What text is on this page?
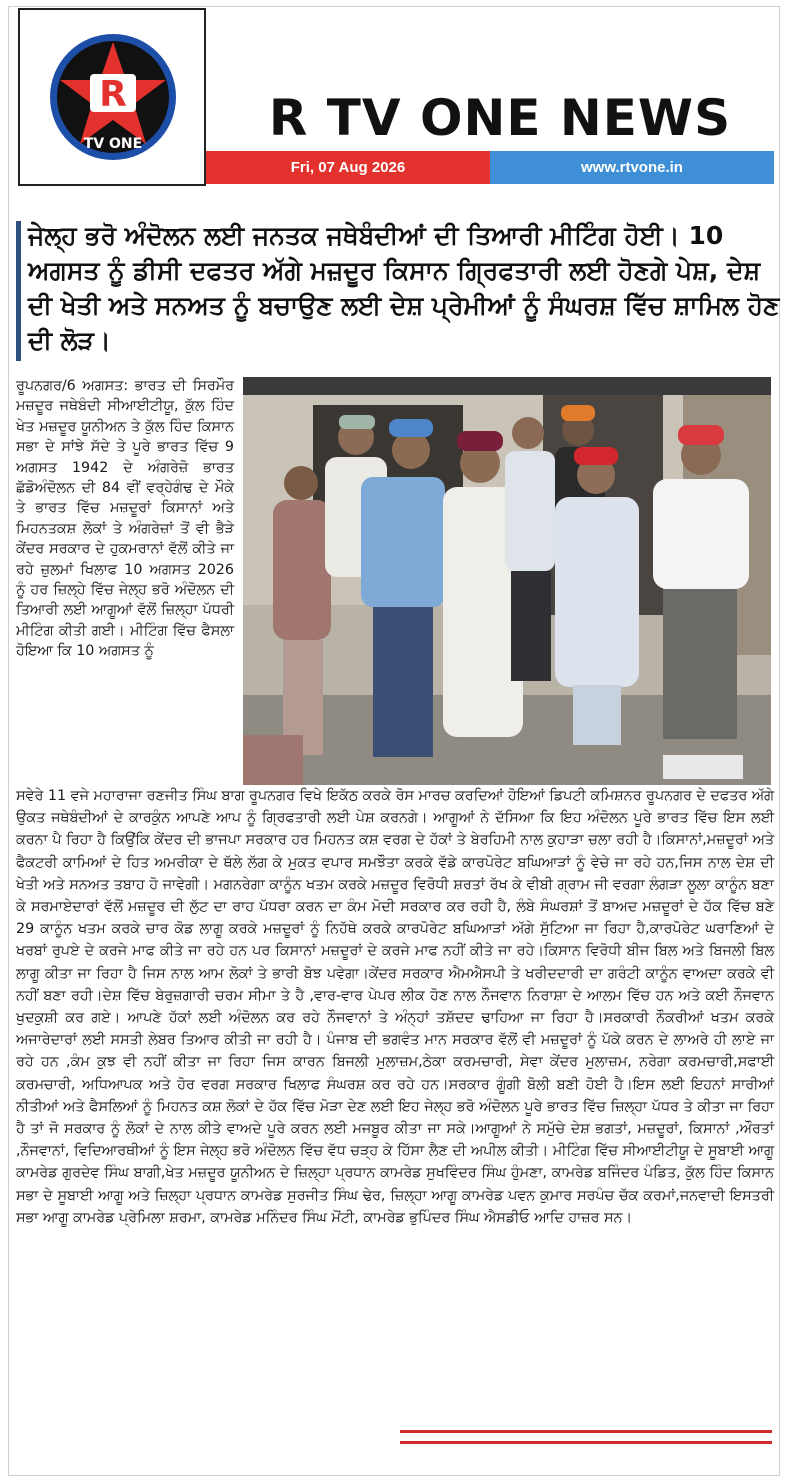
R
TV ONE	R TV ONE NEWS
Fri, 07 Aug 2026	www.rtvone.in
ਜੇਲ੍ਹ ਭਰੋ ਅੰਦੋਲਨ ਲਈ ਜਨਤਕ ਜਥੇਬੰਦੀਆਂ ਦੀ ਤਿਆਰੀ ਮੀਟਿੰਗ ਹੋਈ। 10 ਅਗਸਤ ਨੂੰ ਡੀਸੀ ਦਫਤਰ ਅੱਗੇ ਮਜ਼ਦੂਰ ਕਿਸਾਨ ਗ੍ਰਿਫਤਾਰੀ ਲਈ ਹੋਣਗੇ ਪੇਸ਼, ਦੇਸ਼ ਦੀ ਖੇਤੀ ਅਤੇ ਸਨਅਤ ਨੂੰ ਬਚਾਉਣ ਲਈ ਦੇਸ਼ ਪ੍ਰੇਮੀਆਂ ਨੂੰ ਸੰਘਰਸ਼ ਵਿੱਚ ਸ਼ਾਮਿਲ ਹੋਣ ਦੀ ਲੋੜ।

ਰੂਪਨਗਰ/6 ਅਗਸਤ: ਭਾਰਤ ਦੀ ਸਿਰਮੌਰ ਮਜ਼ਦੂਰ ਜਥੇਬੰਦੀ ਸੀਆਈਟੀਯੂ, ਕੁੱਲ ਹਿੰਦ ਖੇਤ ਮਜ਼ਦੂਰ ਯੂਨੀਅਨ ਤੇ ਕੁੱਲ ਹਿੰਦ ਕਿਸਾਨ ਸਭਾ ਦੇ ਸਾਂਝੇ ਸੱਦੇ ਤੇ ਪੂਰੇ ਭਾਰਤ ਵਿੱਚ 9 ਅਗਸਤ 1942 ਦੇ ਅੰਗਰੇਜ਼ੋ ਭਾਰਤ ਛੱਡੋਅੰਦੋਲਨ ਦੀ 84 ਵੀਂ ਵਰ੍ਹੇਗੰਢ ਦੇ ਮੌਕੇ ਤੇ ਭਾਰਤ ਵਿੱਚ ਮਜ਼ਦੂਰਾਂ ਕਿਸਾਨਾਂ ਅਤੇ ਮਿਹਨਤਕਸ਼ ਲੋਕਾਂ ਤੇ ਅੰਗਰੇਜ਼ਾਂ ਤੋਂ ਵੀ ਭੈੜੇ ਕੇਂਦਰ ਸਰਕਾਰ ਦੇ ਹੁਕਮਰਾਨਾਂ ਵੱਲੋਂ ਕੀਤੇ ਜਾ ਰਹੇ ਜ਼ੁਲਮਾਂ ਖਿਲਾਫ 10 ਅਗਸਤ 2026 ਨੂੰ ਹਰ ਜ਼ਿਲ੍ਹੇ ਵਿੱਚ ਜੇਲ੍ਹ ਭਰੋ ਅੰਦੋਲਨ ਦੀ ਤਿਆਰੀ ਲਈ ਆਗੂਆਂ ਵੱਲੋਂ ਜ਼ਿਲ੍ਹਾ ਪੱਧਰੀ ਮੀਟਿੰਗ ਕੀਤੀ ਗਈ। ਮੀਟਿੰਗ ਵਿੱਚ ਫੈਸਲਾ ਹੋਇਆ ਕਿ 10 ਅਗਸਤ ਨੂੰ

ਸਵੇਰੇ 11 ਵਜੇ ਮਹਾਰਾਜਾ ਰਣਜੀਤ ਸਿੰਘ ਬਾਗ ਰੂਪਨਗਰ ਵਿਖੇ ਇਕੱਠ ਕਰਕੇ ਰੋਸ ਮਾਰਚ ਕਰਦਿਆਂ ਹੋਇਆਂ ਡਿਪਟੀ ਕਮਿਸ਼ਨਰ ਰੂਪਨਗਰ ਦੇ ਦਫਤਰ ਅੱਗੇ ਉਕਤ ਜਥੇਬੰਦੀਆਂ ਦੇ ਕਾਰਕੁੰਨ ਆਪਣੇ ਆਪ ਨੂੰ ਗ੍ਰਿਫਤਾਰੀ ਲਈ ਪੇਸ਼ ਕਰਨਗੇ। ਆਗੂਆਂ ਨੇ ਦੱਸਿਆ ਕਿ ਇਹ ਅੰਦੋਲਨ ਪੂਰੇ ਭਾਰਤ ਵਿੱਚ ਇਸ ਲਈ ਕਰਨਾ ਪੈ ਰਿਹਾ ਹੈ ਕਿਉਂਕਿ ਕੇਂਦਰ ਦੀ ਭਾਜਪਾ ਸਰਕਾਰ ਹਰ ਮਿਹਨਤ ਕਸ਼ ਵਰਗ ਦੇ ਹੱਕਾਂ ਤੇ ਬੇਰਹਿਮੀ ਨਾਲ ਕੁਹਾੜਾ ਚਲਾ ਰਹੀ ਹੈ।ਕਿਸਾਨਾਂ,ਮਜ਼ਦੂਰਾਂ ਅਤੇ ਫੈਕਟਰੀ ਕਾਮਿਆਂ ਦੇ ਹਿਤ ਅਮਰੀਕਾ ਦੇ ਥੱਲੇ ਲੱਗ ਕੇ ਮੁਕਤ ਵਪਾਰ ਸਮਝੌਤਾ ਕਰਕੇ ਵੱਡੇ ਕਾਰਪੋਰੇਟ ਬਘਿਆੜਾਂ ਨੂੰ ਵੇਚੇ ਜਾ ਰਹੇ ਹਨ,ਜਿਸ ਨਾਲ ਦੇਸ਼ ਦੀ ਖੇਤੀ ਅਤੇ ਸਨਅਤ ਤਬਾਹ ਹੋ ਜਾਵੇਗੀ। ਮਗਨਰੇਗਾ ਕਾਨੂੰਨ ਖਤਮ ਕਰਕੇ ਮਜ਼ਦੂਰ ਵਿਰੋਧੀ ਸ਼ਰਤਾਂ ਰੱਖ ਕੇ ਵੀਬੀ ਗ੍ਰਾਮ ਜੀ ਵਰਗਾ ਲੰਗੜਾ ਲੂਲਾ ਕਾਨੂੰਨ ਬਣਾ ਕੇ ਸਰਮਾਏਦਾਰਾਂ ਵੱਲੋਂ ਮਜ਼ਦੂਰ ਦੀ ਲੁੱਟ ਦਾ ਰਾਹ ਪੱਧਰਾ ਕਰਨ ਦਾ ਕੰਮ ਮੋਦੀ ਸਰਕਾਰ ਕਰ ਰਹੀ ਹੈ, ਲੰਬੇ ਸੰਘਰਸ਼ਾਂ ਤੋਂ ਬਾਅਦ ਮਜ਼ਦੂਰਾਂ ਦੇ ਹੱਕ ਵਿੱਚ ਬਣੇ 29 ਕਾਨੂੰਨ ਖਤਮ ਕਰਕੇ ਚਾਰ ਕੋਡ ਲਾਗੂ ਕਰਕੇ ਮਜ਼ਦੂਰਾਂ ਨੂੰ ਨਿਹੱਥੇ ਕਰਕੇ ਕਾਰਪੋਰੇਟ ਬਘਿਆੜਾਂ ਅੱਗੇ ਸੁੱਟਿਆ ਜਾ ਰਿਹਾ ਹੈ,ਕਾਰਪੋਰੇਟ ਘਰਾਣਿਆਂ ਦੇ ਖਰਬਾਂ ਰੁਪਏ ਦੇ ਕਰਜੇ ਮਾਫ ਕੀਤੇ ਜਾ ਰਹੇ ਹਨ ਪਰ ਕਿਸਾਨਾਂ ਮਜ਼ਦੂਰਾਂ ਦੇ ਕਰਜੇ ਮਾਫ ਨਹੀਂ ਕੀਤੇ ਜਾ ਰਹੇ।ਕਿਸਾਨ ਵਿਰੋਧੀ ਬੀਜ ਬਿਲ ਅਤੇ ਬਿਜਲੀ ਬਿਲ ਲਾਗੂ ਕੀਤਾ ਜਾ ਰਿਹਾ ਹੈ ਜਿਸ ਨਾਲ ਆਮ ਲੋਕਾਂ ਤੇ ਭਾਰੀ ਬੋਝ ਪਵੇਗਾ।ਕੇਂਦਰ ਸਰਕਾਰ ਐਮਐਸਪੀ ਤੇ ਖਰੀਦਦਾਰੀ ਦਾ ਗਰੰਟੀ ਕਾਨੂੰਨ ਵਾਅਦਾ ਕਰਕੇ ਵੀ ਨਹੀਂ ਬਣਾ ਰਹੀ।ਦੇਸ਼ ਵਿੱਚ ਬੇਰੁਜ਼ਗਾਰੀ ਚਰਮ ਸੀਮਾ ਤੇ ਹੈ ,ਵਾਰ-ਵਾਰ ਪੇਪਰ ਲੀਕ ਹੋਣ ਨਾਲ ਨੌਜਵਾਨ ਨਿਰਾਸ਼ਾ ਦੇ ਆਲਮ ਵਿੱਚ ਹਨ ਅਤੇ ਕਈ ਨੌਜਵਾਨ ਖੁਦਕੁਸ਼ੀ ਕਰ ਗਏ। ਆਪਣੇ ਹੱਕਾਂ ਲਈ ਅੰਦੋਲਨ ਕਰ ਰਹੇ ਨੌਜਵਾਨਾਂ ਤੇ ਅੰਨ੍ਹਾਂ ਤਸ਼ੱਦਦ ਢਾਹਿਆ ਜਾ ਰਿਹਾ ਹੈ।ਸਰਕਾਰੀ ਨੌਕਰੀਆਂ ਖਤਮ ਕਰਕੇ ਅਜਾਰੇਦਾਰਾਂ ਲਈ ਸਸਤੀ ਲੇਬਰ ਤਿਆਰ ਕੀਤੀ ਜਾ ਰਹੀ ਹੈ। ਪੰਜਾਬ ਦੀ ਭਗਵੰਤ ਮਾਨ ਸਰਕਾਰ ਵੱਲੋਂ ਵੀ ਮਜ਼ਦੂਰਾਂ ਨੂੰ ਪੱਕੇ ਕਰਨ ਦੇ ਲਾਅਰੇ ਹੀ ਲਾਏ ਜਾ ਰਹੇ ਹਨ ,ਕੰਮ ਕੁਝ ਵੀ ਨਹੀਂ ਕੀਤਾ ਜਾ ਰਿਹਾ ਜਿਸ ਕਾਰਨ ਬਿਜਲੀ ਮੁਲਾਜ਼ਮ,ਠੇਕਾ ਕਰਮਚਾਰੀ, ਸੇਵਾ ਕੇਂਦਰ ਮੁਲਾਜ਼ਮ, ਨਰੇਗਾ ਕਰਮਚਾਰੀ,ਸਫਾਈ ਕਰਮਚਾਰੀ, ਅਧਿਆਪਕ ਅਤੇ ਹੋਰ ਵਰਗ ਸਰਕਾਰ ਖਿਲਾਫ ਸੰਘਰਸ਼ ਕਰ ਰਹੇ ਹਨ।ਸਰਕਾਰ ਗੂੰਗੀ ਬੋਲੀ ਬਣੀ ਹੋਈ ਹੈ।ਇਸ ਲਈ ਇਹਨਾਂ ਸਾਰੀਆਂ ਨੀਤੀਆਂ ਅਤੇ ਫੈਸਲਿਆਂ ਨੂੰ ਮਿਹਨਤ ਕਸ਼ ਲੋਕਾਂ ਦੇ ਹੱਕ ਵਿੱਚ ਮੋੜਾ ਦੇਣ ਲਈ ਇਹ ਜੇਲ੍ਹ ਭਰੋ ਅੰਦੋਲਨ ਪੂਰੇ ਭਾਰਤ ਵਿੱਚ ਜ਼ਿਲ੍ਹਾ ਪੱਧਰ ਤੇ ਕੀਤਾ ਜਾ ਰਿਹਾ ਹੈ ਤਾਂ ਜੋ ਸਰਕਾਰ ਨੂੰ ਲੋਕਾਂ ਦੇ ਨਾਲ ਕੀਤੇ ਵਾਅਦੇ ਪੂਰੇ ਕਰਨ ਲਈ ਮਜਬੂਰ ਕੀਤਾ ਜਾ ਸਕੇ।ਆਗੂਆਂ ਨੇ ਸਮੁੱਚੇ ਦੇਸ਼ ਭਗਤਾਂ, ਮਜ਼ਦੂਰਾਂ, ਕਿਸਾਨਾਂ ,ਔਰਤਾਂ ,ਨੌਜਵਾਨਾਂ, ਵਿਦਿਆਰਥੀਆਂ ਨੂੰ ਇਸ ਜੇਲ੍ਹ ਭਰੋ ਅੰਦੋਲਨ ਵਿੱਚ ਵੱਧ ਚੜ੍ਹ ਕੇ ਹਿੱਸਾ ਲੈਣ ਦੀ ਅਪੀਲ ਕੀਤੀ। ਮੀਟਿੰਗ ਵਿੱਚ ਸੀਆਈਟੀਯੂ ਦੇ ਸੂਬਾਈ ਆਗੂ ਕਾਮਰੇਡ ਗੁਰਦੇਵ ਸਿੰਘ ਬਾਗੀ,ਖੇਤ ਮਜ਼ਦੂਰ ਯੂਨੀਅਨ ਦੇ ਜ਼ਿਲ੍ਹਾ ਪ੍ਰਧਾਨ ਕਾਮਰੇਡ ਸੁਖਵਿੰਦਰ ਸਿੰਘ ਹੁੰਮਣਾ, ਕਾਮਰੇਡ ਬਜਿੰਦਰ ਪੰਡਿਤ, ਕੁੱਲ ਹਿੰਦ ਕਿਸਾਨ ਸਭਾ ਦੇ ਸੂਬਾਈ ਆਗੂ ਅਤੇ ਜ਼ਿਲ੍ਹਾ ਪ੍ਰਧਾਨ ਕਾਮਰੇਡ ਸੁਰਜੀਤ ਸਿੰਘ ਢੇਰ, ਜ਼ਿਲ੍ਹਾ ਆਗੂ ਕਾਮਰੇਡ ਪਵਨ ਕੁਮਾਰ ਸਰਪੰਚ ਚੱਕ ਕਰਮਾਂ,ਜਨਵਾਦੀ ਇਸਤਰੀ ਸਭਾ ਆਗੂ ਕਾਮਰੇਡ ਪ੍ਰੇਮਿਲਾ ਸ਼ਰਮਾ, ਕਾਮਰੇਡ ਮਨਿੰਦਰ ਸਿੰਘ ਮੋਂਟੀ, ਕਾਮਰੇਡ ਭੁਪਿੰਦਰ ਸਿੰਘ ਐਸਡੀਓ ਆਦਿ ਹਾਜ਼ਰ ਸਨ।
